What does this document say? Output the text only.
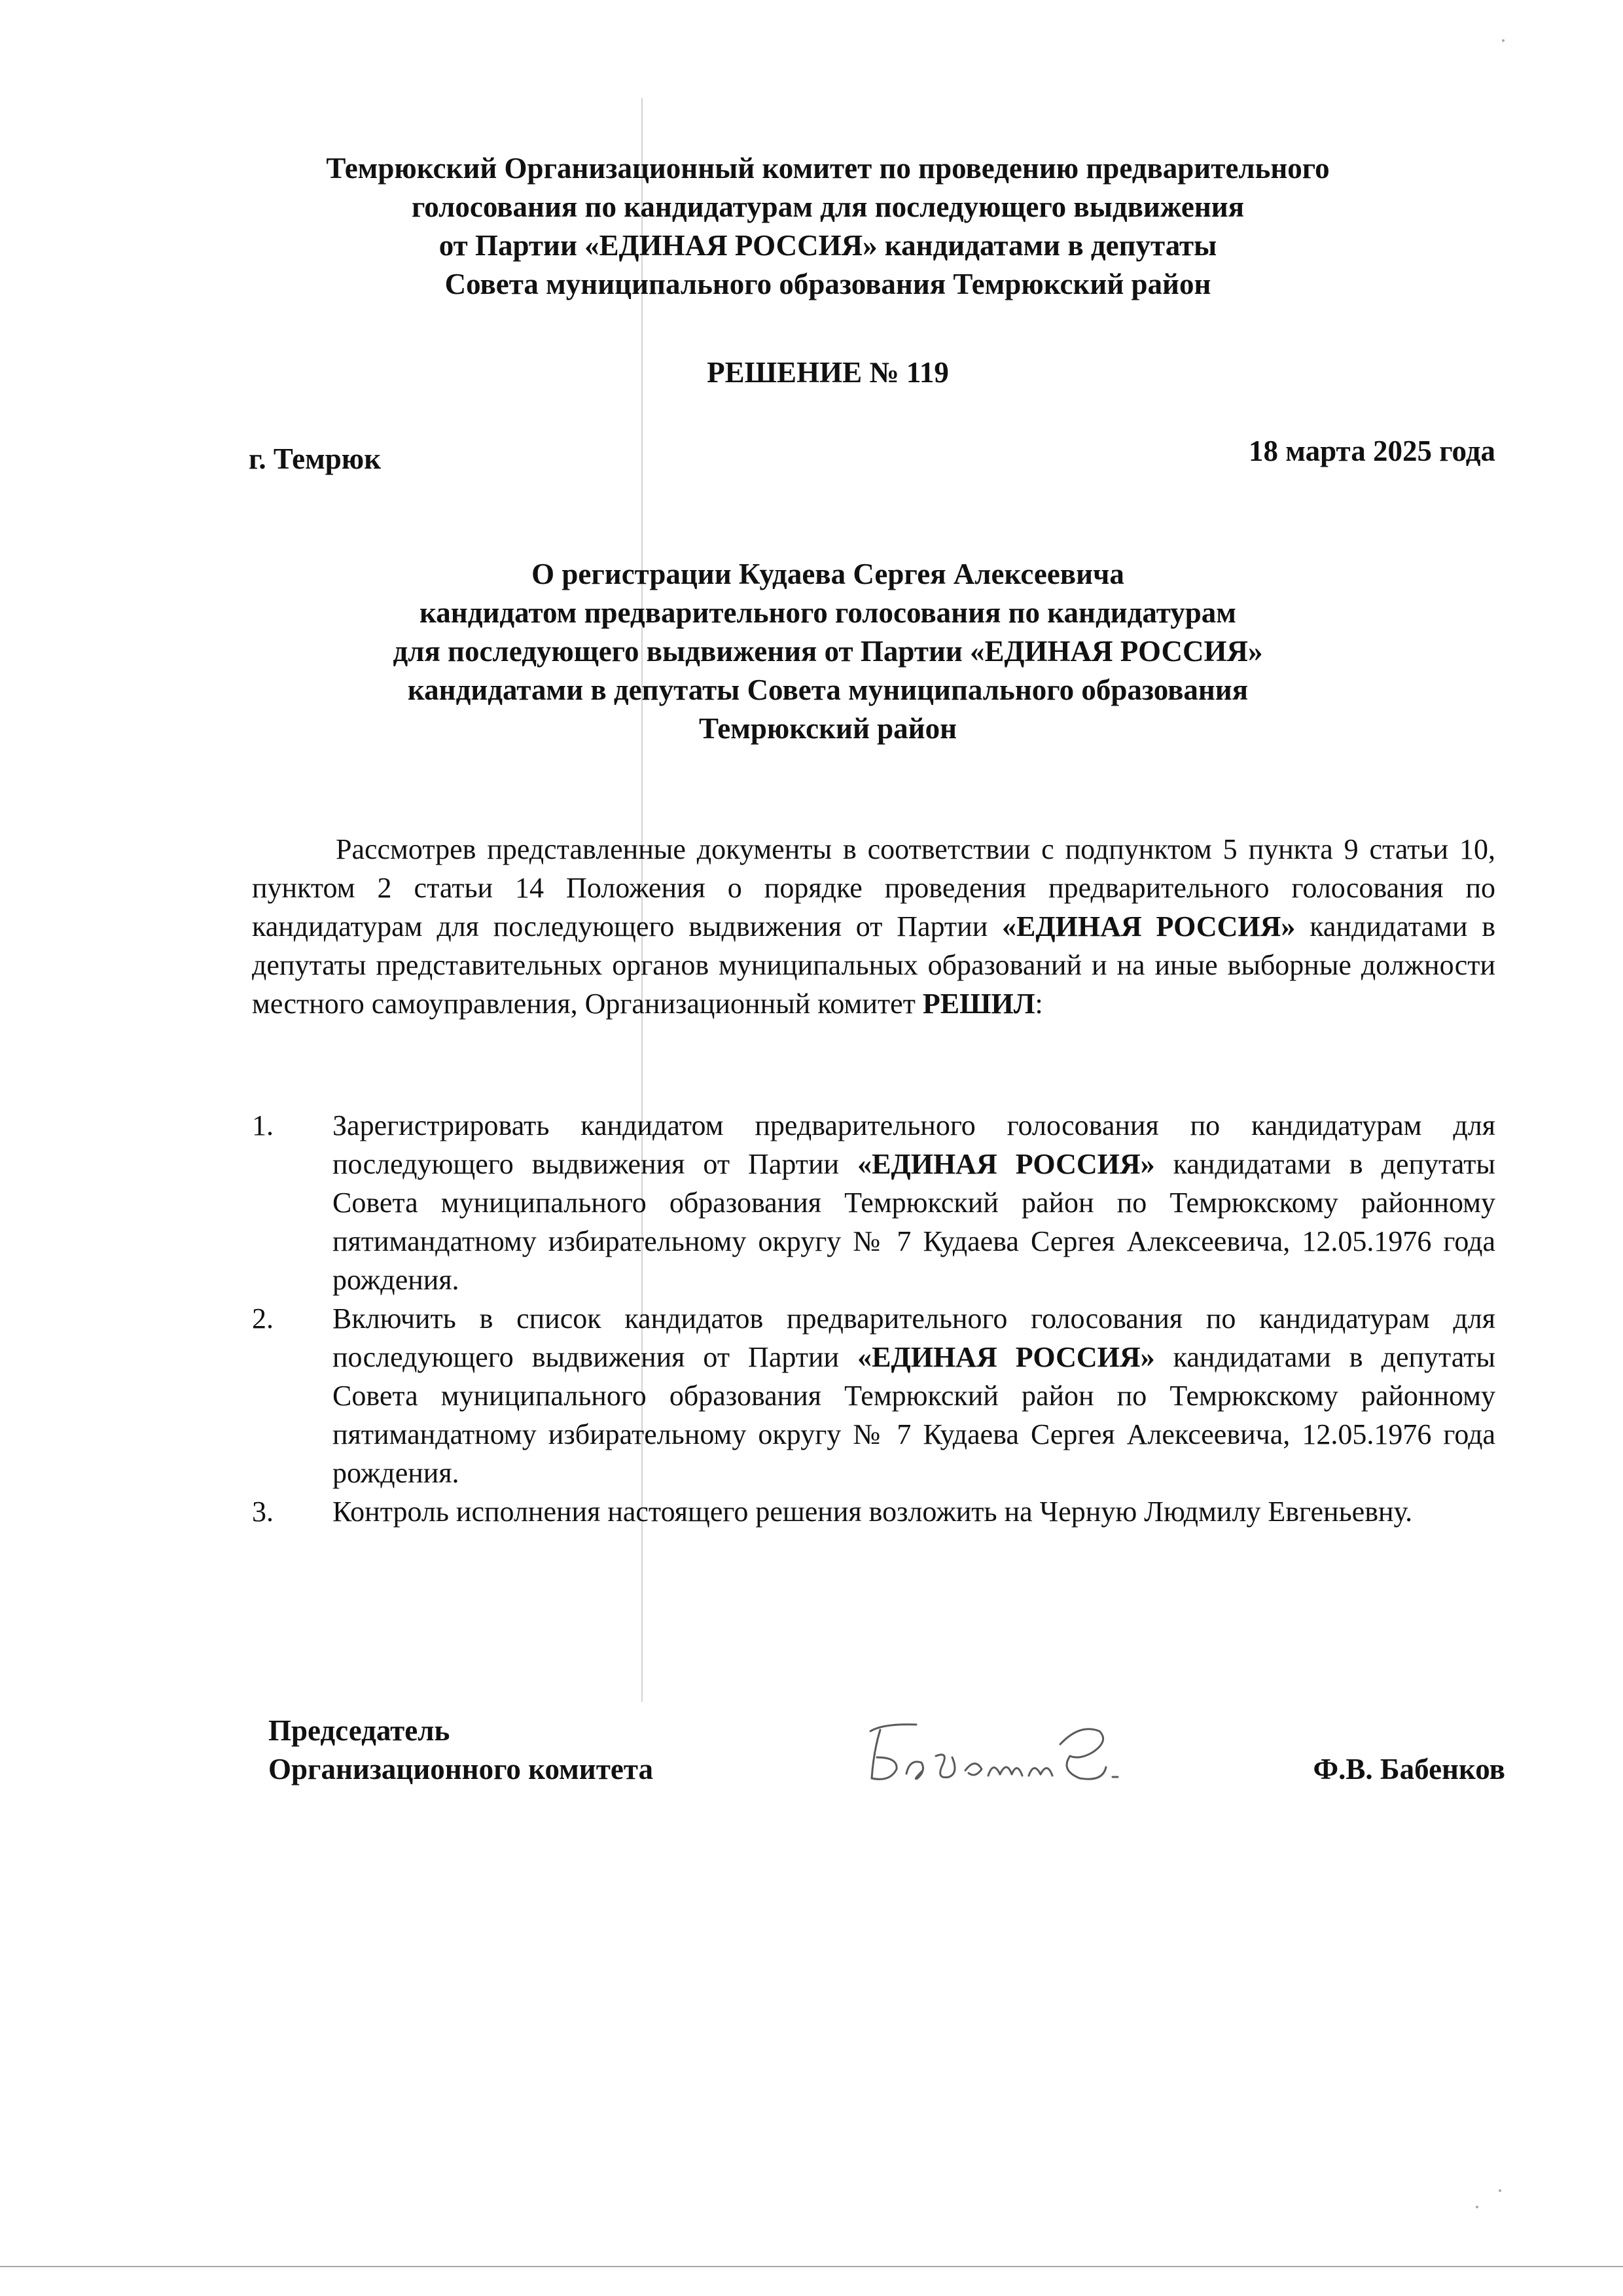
Темрюкский Организационный комитет по проведению предварительного
голосования по кандидатурам для последующего выдвижения
от Партии «ЕДИНАЯ РОССИЯ» кандидатами в депутаты
Совета муниципального образования Темрюкский район
РЕШЕНИЕ № 119
г. Темрюк	18 марта 2025 года
О регистрации Кудаева Сергея Алексеевича
кандидатом предварительного голосования по кандидатурам
для последующего выдвижения от Партии «ЕДИНАЯ РОССИЯ»
кандидатами в депутаты Совета муниципального образования
Темрюкский район

Рассмотрев представленные документы в соответствии с подпунктом 5 пункта 9 статьи 10, пунктом 2 статьи 14 Положения о порядке проведения предварительного голосования по кандидатурам для последующего выдвижения от Партии «ЕДИНАЯ РОССИЯ» кандидатами в депутаты представительных органов муниципальных образований и на иные выборные должности местного самоуправления, Организационный комитет РЕШИЛ:

1. Зарегистрировать кандидатом предварительного голосования по кандидатурам для последующего выдвижения от Партии «ЕДИНАЯ РОССИЯ» кандидатами в депутаты Совета муниципального образования Темрюкский район по Темрюкскому районному пятимандатному избирательному округу № 7 Кудаева Сергея Алексеевича, 12.05.1976 года рождения.
2. Включить в список кандидатов предварительного голосования по кандидатурам для последующего выдвижения от Партии «ЕДИНАЯ РОССИЯ» кандидатами в депутаты Совета муниципального образования Темрюкский район по Темрюкскому районному пятимандатному избирательному округу № 7 Кудаева Сергея Алексеевича, 12.05.1976 года рождения.
3. Контроль исполнения настоящего решения возложить на Черную Людмилу Евгеньевну.
Председатель
Организационного комитета	Ф.В. Бабенков
